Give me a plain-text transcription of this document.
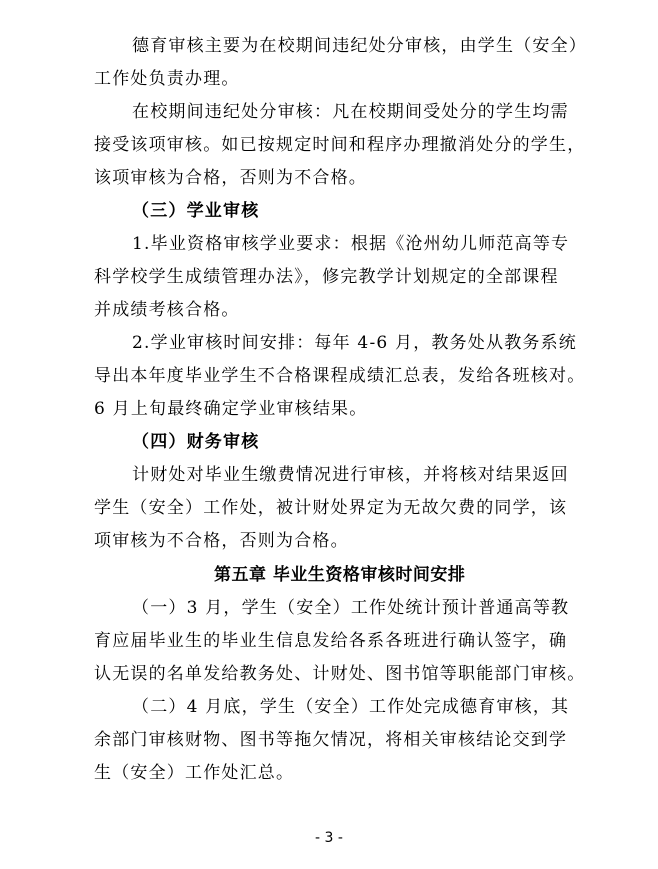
德育审核主要为在校期间违纪处分审核，由学生（安全）
工作处负责办理。
在校期间违纪处分审核：凡在校期间受处分的学生均需
接受该项审核。如已按规定时间和程序办理撤消处分的学生，
该项审核为合格，否则为不合格。
（三）学业审核
1.毕业资格审核学业要求：根据《沧州幼儿师范高等专
科学校学生成绩管理办法》，修完教学计划规定的全部课程
并成绩考核合格。
2.学业审核时间安排：每年 4-6 月，教务处从教务系统
导出本年度毕业学生不合格课程成绩汇总表，发给各班核对。
6 月上旬最终确定学业审核结果。
（四）财务审核
计财处对毕业生缴费情况进行审核，并将核对结果返回
学生（安全）工作处，被计财处界定为无故欠费的同学，该
项审核为不合格，否则为合格。
第五章 毕业生资格审核时间安排
（一）3 月，学生（安全）工作处统计预计普通高等教
育应届毕业生的毕业生信息发给各系各班进行确认签字，确
认无误的名单发给教务处、计财处、图书馆等职能部门审核。
（二）4 月底，学生（安全）工作处完成德育审核，其
余部门审核财物、图书等拖欠情况，将相关审核结论交到学
生（安全）工作处汇总。
- 3 -
